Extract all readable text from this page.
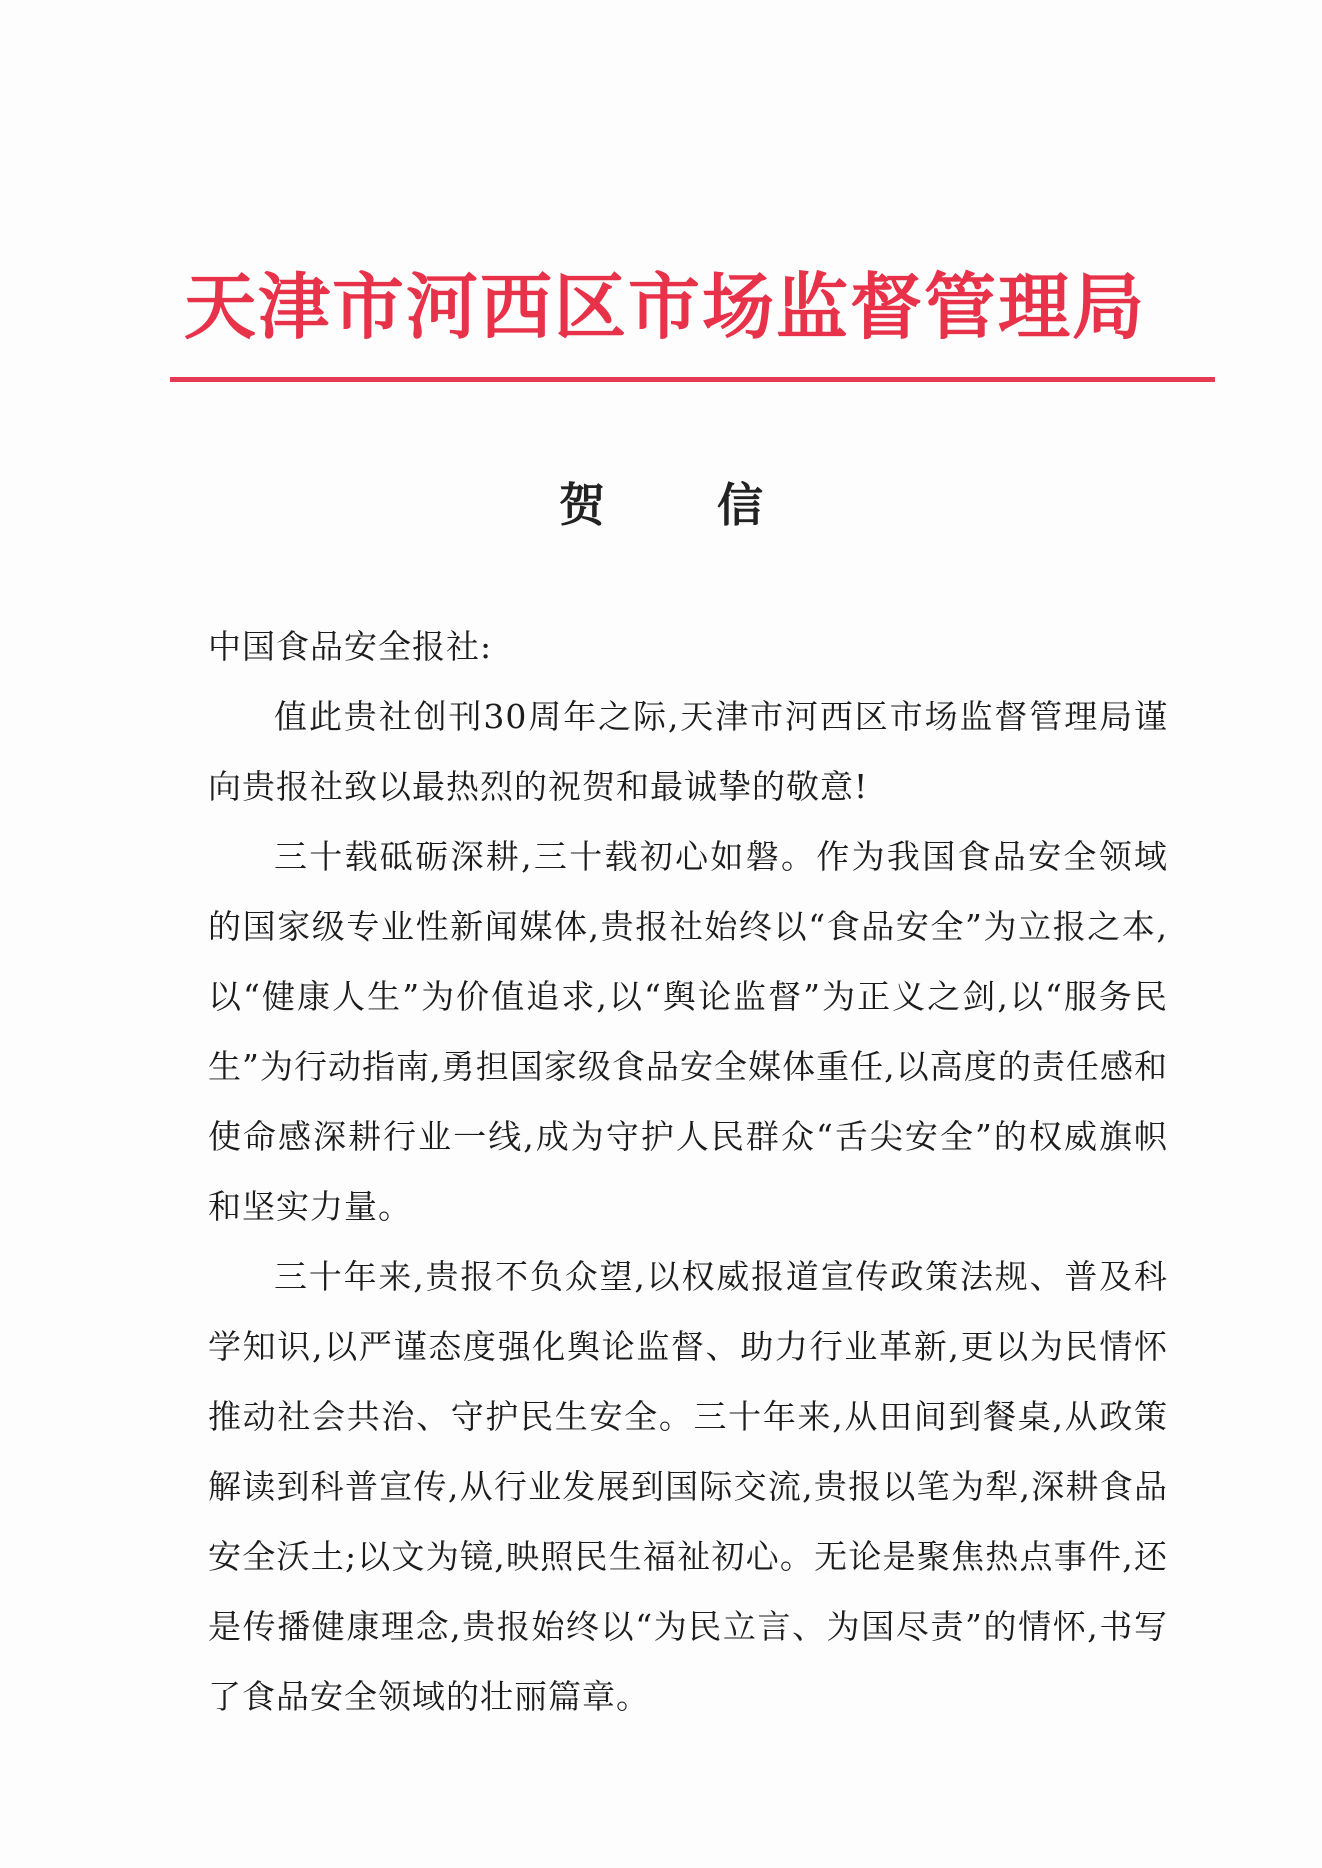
天津市河西区市场监督管理局
贺 信

中国食品安全报社:

值此贵社创刊30周年之际,天津市河西区市场监督管理局谨向贵报社致以最热烈的祝贺和最诚挚的敬意!

三十载砥砺深耕,三十载初心如磐。作为我国食品安全领域的国家级专业性新闻媒体,贵报社始终以“食品安全”为立报之本,以“健康人生”为价值追求,以“舆论监督”为正义之剑,以“服务民生”为行动指南,勇担国家级食品安全媒体重任,以高度的责任感和使命感深耕行业一线,成为守护人民群众“舌尖安全”的权威旗帜和坚实力量。

三十年来,贵报不负众望,以权威报道宣传政策法规、普及科学知识,以严谨态度强化舆论监督、助力行业革新,更以为民情怀推动社会共治、守护民生安全。三十年来,从田间到餐桌,从政策解读到科普宣传,从行业发展到国际交流,贵报以笔为犁,深耕食品安全沃土;以文为镜,映照民生福祉初心。无论是聚焦热点事件,还是传播健康理念,贵报始终以“为民立言、为国尽责”的情怀,书写了食品安全领域的壮丽篇章。
